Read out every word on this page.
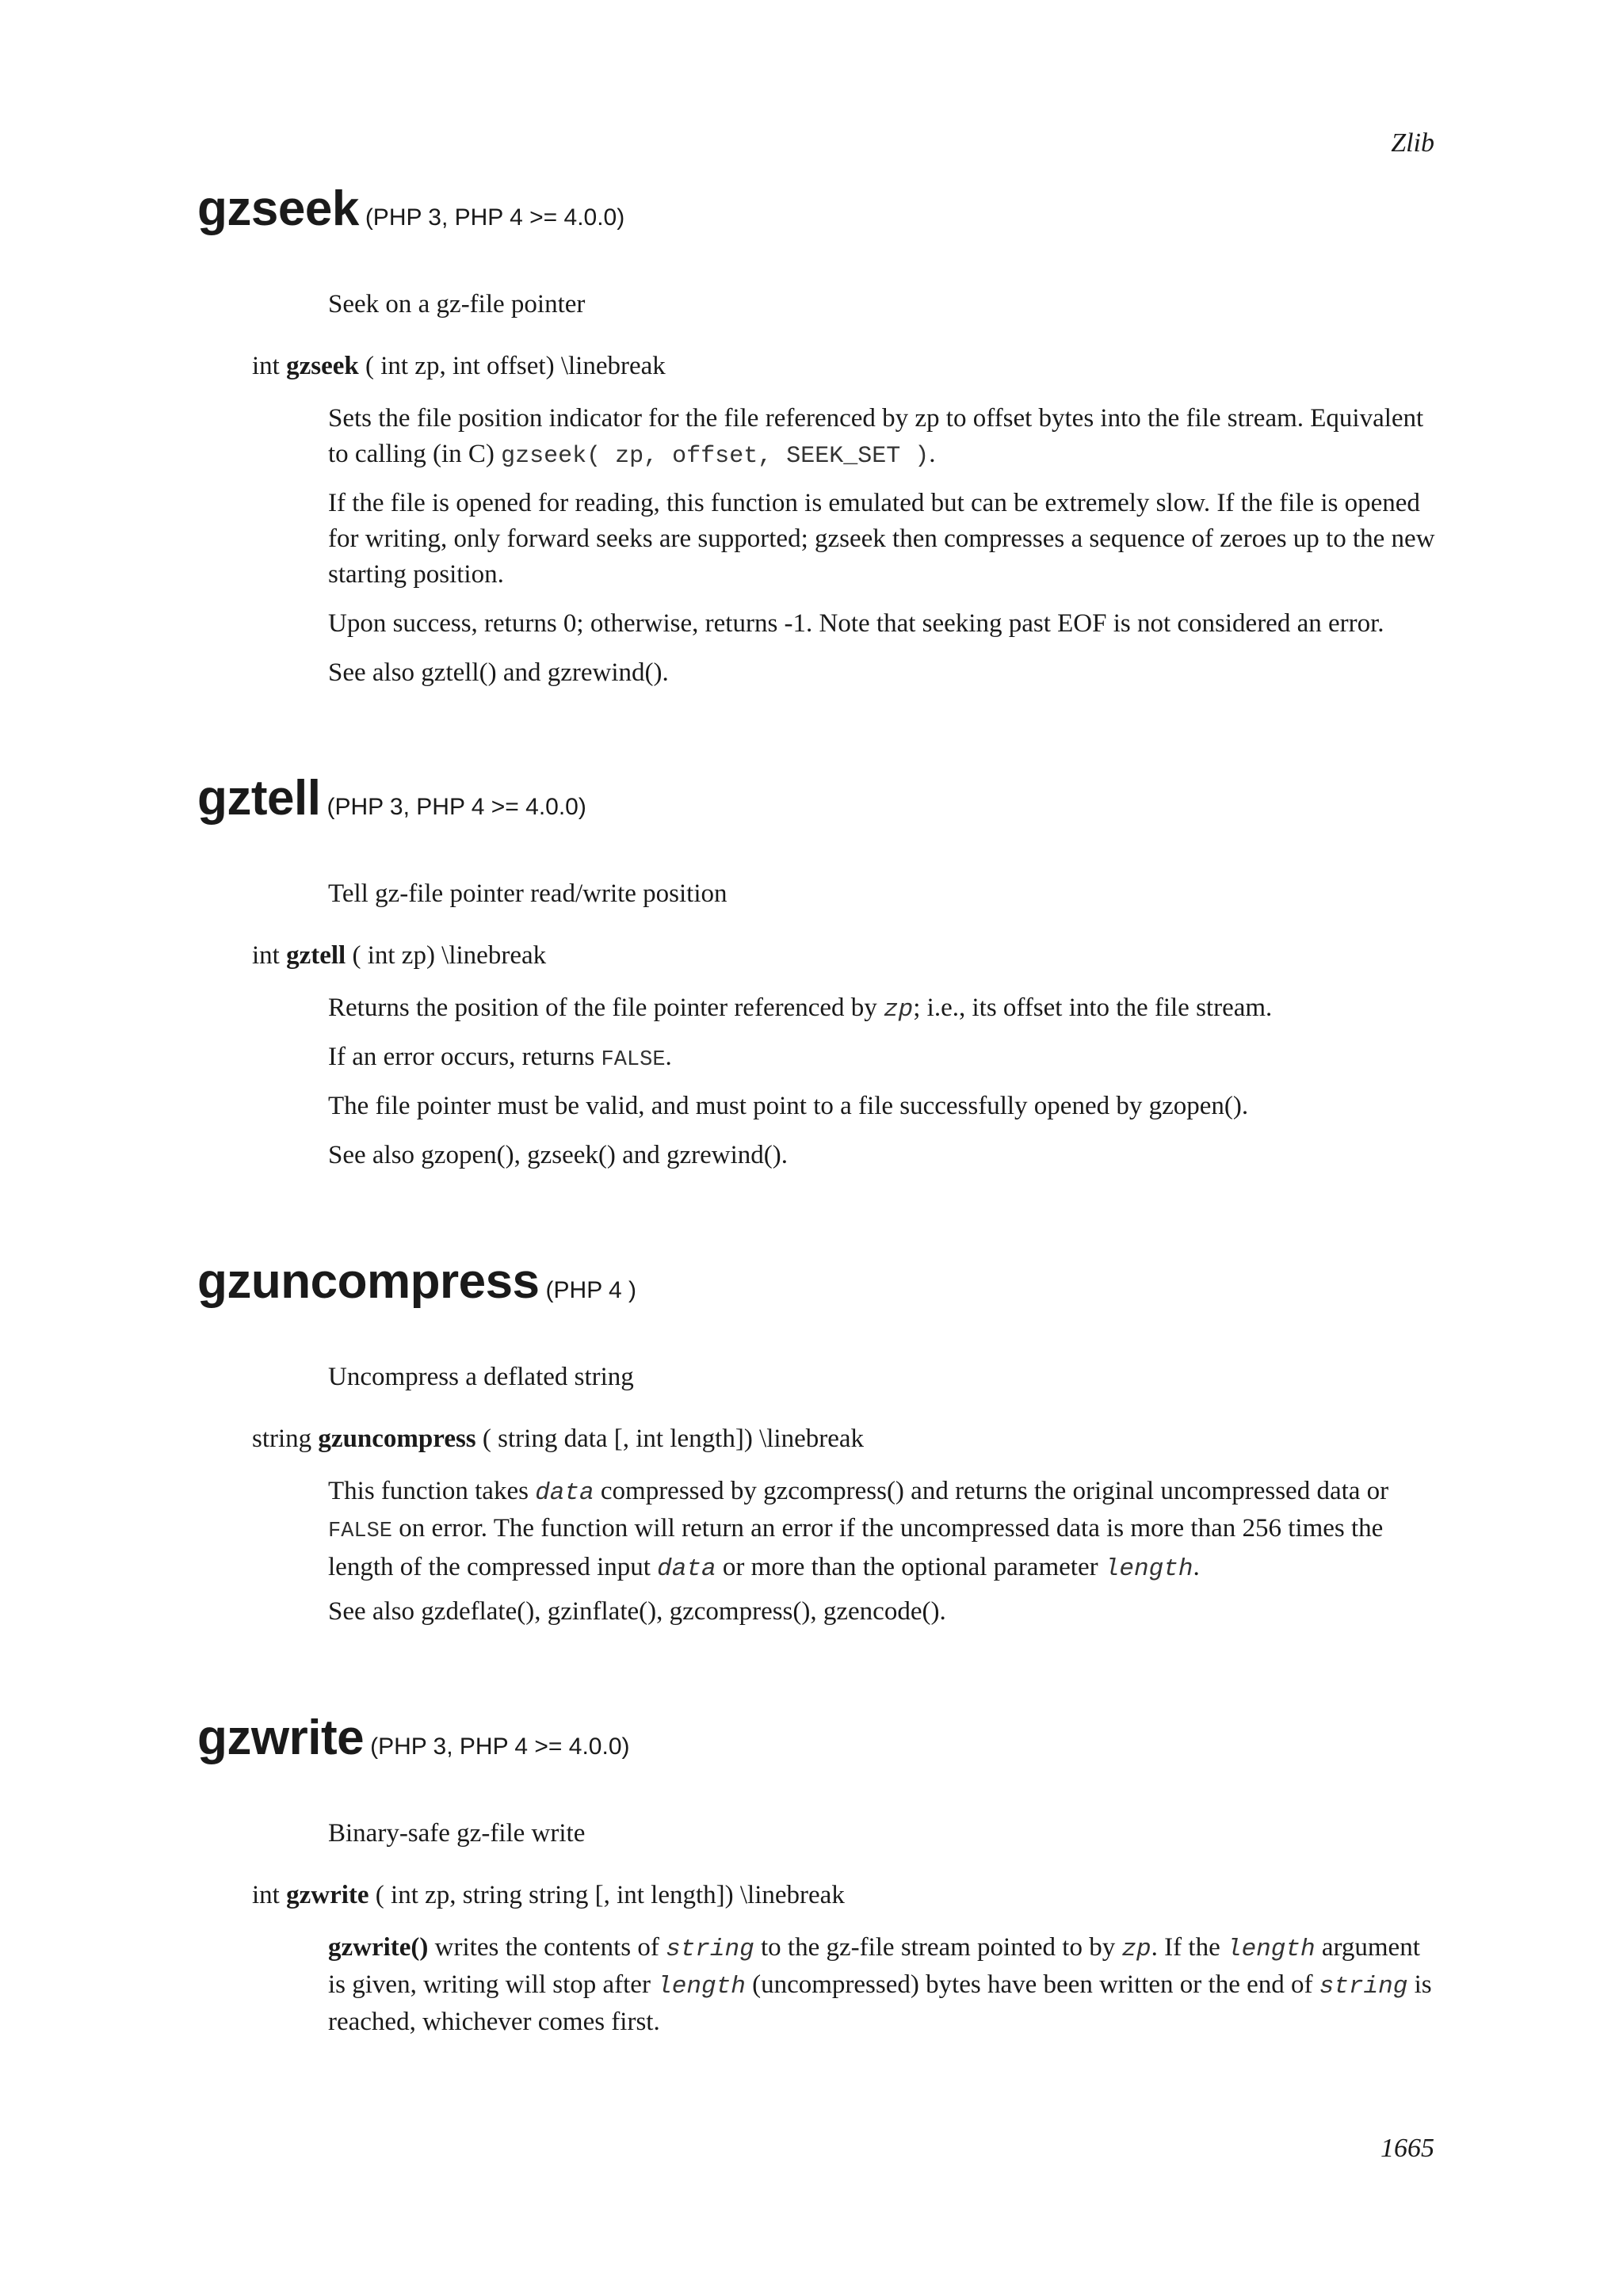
Zlib
gzseek (PHP 3, PHP 4 >= 4.0.0)
Seek on a gz-file pointer
int gzseek ( int zp, int offset) \linebreak
Sets the file position indicator for the file referenced by zp to offset bytes into the file stream. Equivalent to calling (in C) gzseek( zp, offset, SEEK_SET ).
If the file is opened for reading, this function is emulated but can be extremely slow. If the file is opened for writing, only forward seeks are supported; gzseek then compresses a sequence of zeroes up to the new starting position.
Upon success, returns 0; otherwise, returns -1. Note that seeking past EOF is not considered an error.
See also gztell() and gzrewind().
gztell (PHP 3, PHP 4 >= 4.0.0)
Tell gz-file pointer read/write position
int gztell ( int zp) \linebreak
Returns the position of the file pointer referenced by zp; i.e., its offset into the file stream.
If an error occurs, returns FALSE.
The file pointer must be valid, and must point to a file successfully opened by gzopen().
See also gzopen(), gzseek() and gzrewind().
gzuncompress (PHP 4 )
Uncompress a deflated string
string gzuncompress ( string data [, int length]) \linebreak
This function takes data compressed by gzcompress() and returns the original uncompressed data or FALSE on error. The function will return an error if the uncompressed data is more than 256 times the length of the compressed input data or more than the optional parameter length.
See also gzdeflate(), gzinflate(), gzcompress(), gzencode().
gzwrite (PHP 3, PHP 4 >= 4.0.0)
Binary-safe gz-file write
int gzwrite ( int zp, string string [, int length]) \linebreak
gzwrite() writes the contents of string to the gz-file stream pointed to by zp. If the length argument is given, writing will stop after length (uncompressed) bytes have been written or the end of string is reached, whichever comes first.
1665
